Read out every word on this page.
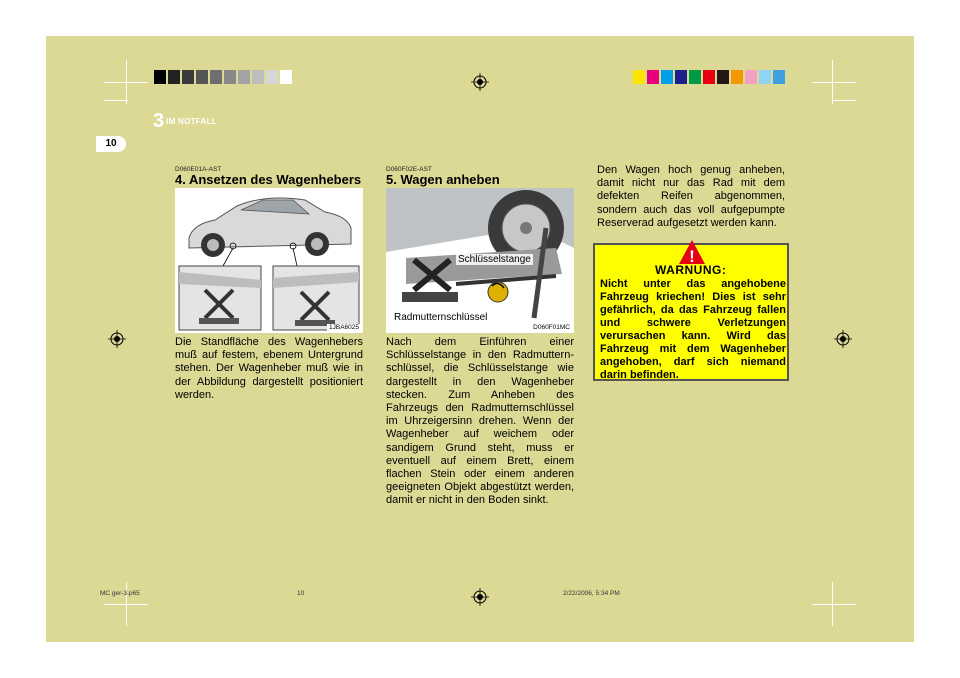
3 IM NOTFALL
10
D060E01A-AST
4. Ansetzen des Wagenhebers
1JBA6025
Die Standfläche des Wagenhebers muß auf festem, ebenem Untergrund stehen. Der Wagenheber muß wie in der Abbildung dargestellt positioniert werden.
D060F02E-AST
5. Wagen anheben
Schlüsselstange
Radmutternschlüssel
D060F01MC
Nach dem Einführen einer Schlüsselstange in den Radmuttern-schlüssel, die Schlüsselstange wie dargestellt in den Wagenheber stecken. Zum Anheben des Fahrzeugs den Radmutternschlüssel im Uhrzeigersinn drehen. Wenn der Wagenheber auf weichem oder sandigem Grund steht, muss er eventuell auf einem Brett, einem flachen Stein oder einem anderen geeigneten Objekt abgestützt werden, damit er nicht in den Boden sinkt.
Den Wagen hoch genug anheben, damit nicht nur das Rad mit dem defekten Reifen abgenommen, sondern auch das voll aufgepumpte Reserverad aufgesetzt werden kann.
!
WARNUNG:
Nicht unter das angehobene Fahrzeug kriechen! Dies ist sehr gefährlich, da das Fahrzeug fallen und schwere Verletzungen verursachen kann. Wird das Fahrzeug mit dem Wagenheber angehoben, darf sich niemand darin befinden.
MC ger-3.p65	10	2/22/2006, 5:34 PM
